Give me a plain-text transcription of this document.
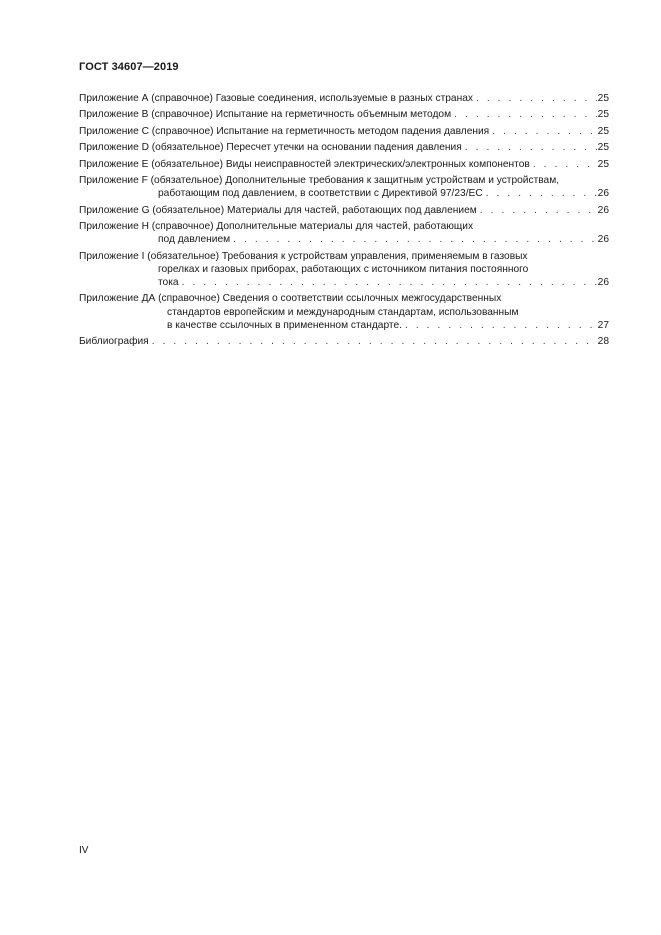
ГОСТ 34607—2019
Приложение А (справочное) Газовые соединения, используемые в разных странах . . .	25
Приложение В (справочное) Испытание на герметичность объемным методом . . .	25
Приложение С (справочное) Испытание на герметичность методом падения давления . . .	25
Приложение D (обязательное) Пересчет утечки на основании падения давления . . .	25
Приложение Е (обязательное) Виды неисправностей электрических/электронных компонентов . . .	25
Приложение F (обязательное) Дополнительные требования к защитным устройствам и устройствам,
работающим под давлением, в соответствии с Директивой 97/23/ЕС . . .	26
Приложение G (обязательное) Материалы для частей, работающих под давлением . . .	26
Приложение Н (справочное) Дополнительные материалы для частей, работающих
под давлением . . .	26
Приложение I (обязательное) Требования к устройствам управления, применяемым в газовых
горелках и газовых приборах, работающих с источником питания постоянного
тока . . .	26
Приложение ДА (справочное) Сведения о соответствии ссылочных межгосударственных
стандартов европейским и международным стандартам, использованным
в качестве ссылочных в примененном стандарте. . . .	27
Библиография . . .	28
IV
